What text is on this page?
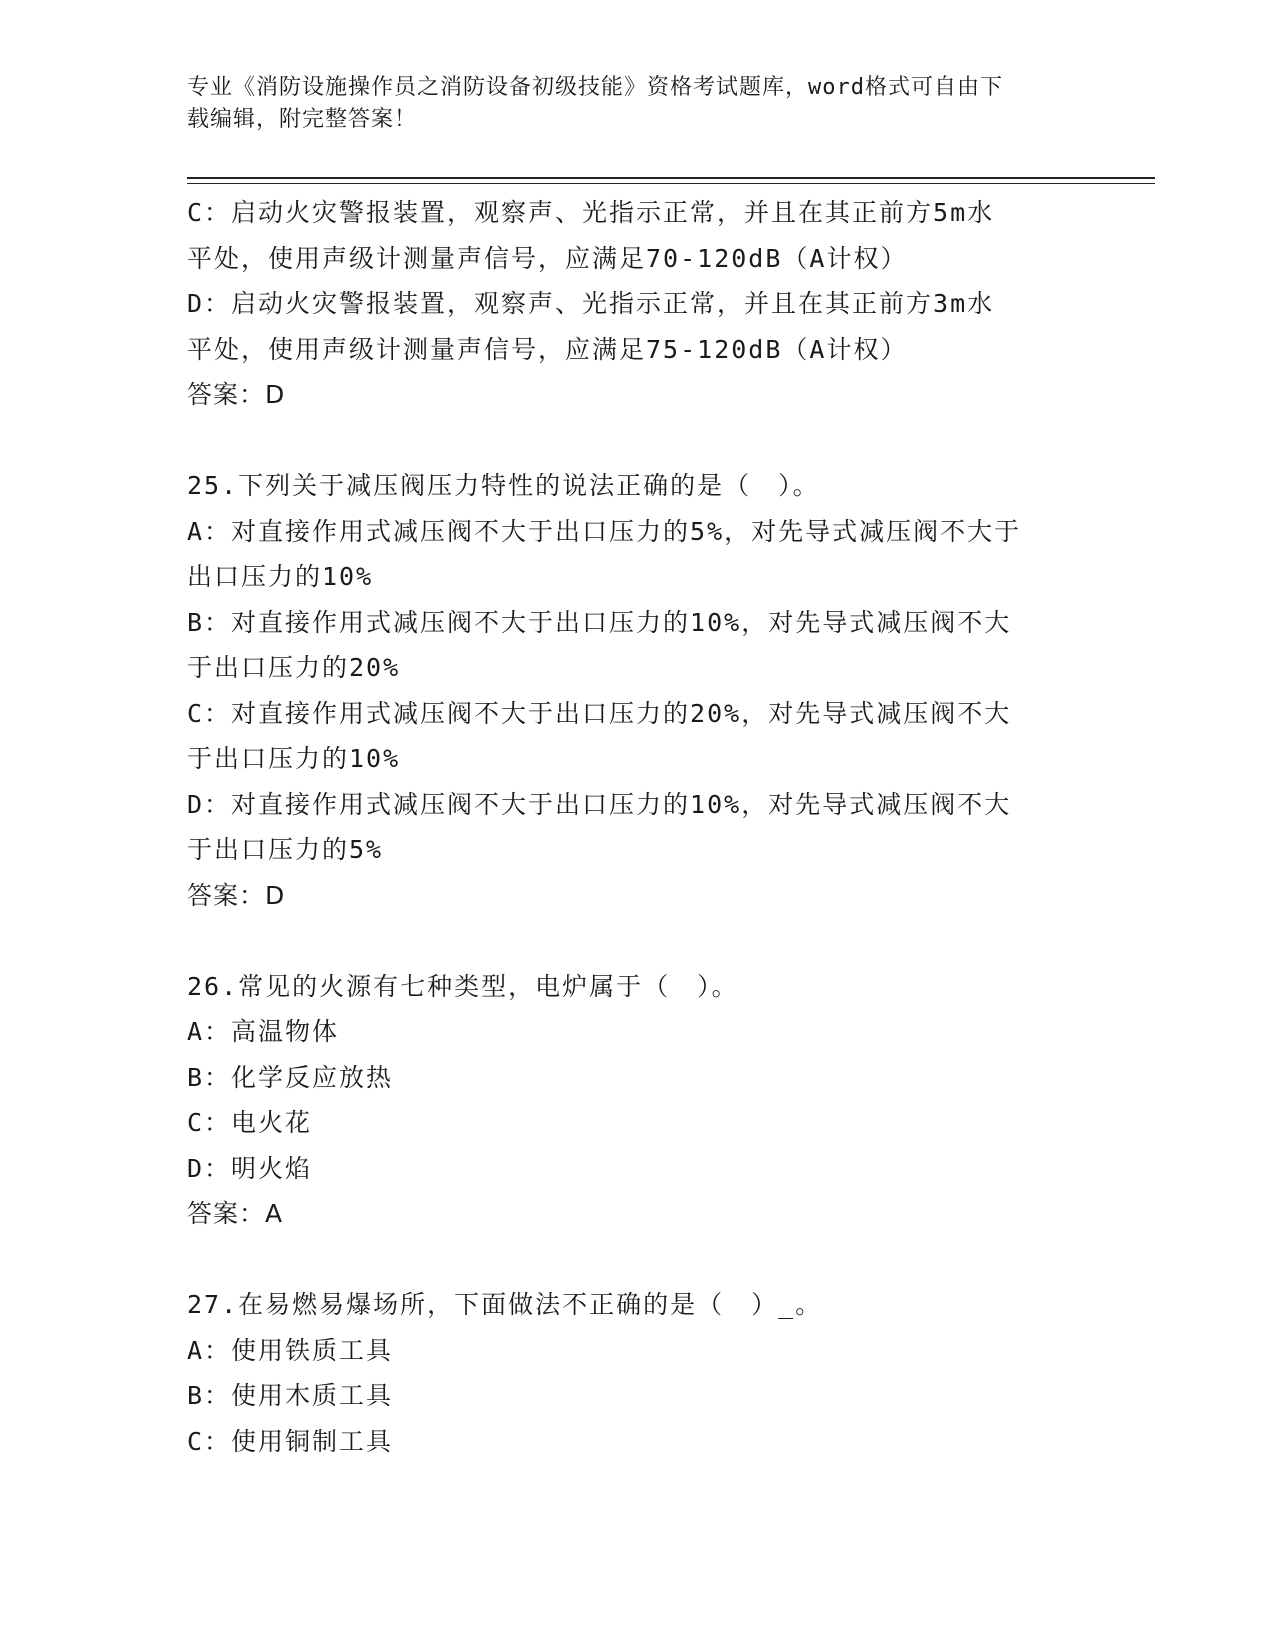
专业《消防设施操作员之消防设备初级技能》资格考试题库，word格式可自由下
载编辑，附完整答案！
C：启动火灾警报装置，观察声、光指示正常，并且在其正前方5m水
平处，使用声级计测量声信号，应满足70-120dB（A计权）
D：启动火灾警报装置，观察声、光指示正常，并且在其正前方3m水
平处，使用声级计测量声信号，应满足75-120dB（A计权）
答案：D
25.下列关于减压阀压力特性的说法正确的是（　）。
A：对直接作用式减压阀不大于出口压力的5%，对先导式减压阀不大于
出口压力的10%
B：对直接作用式减压阀不大于出口压力的10%，对先导式减压阀不大
于出口压力的20%
C：对直接作用式减压阀不大于出口压力的20%，对先导式减压阀不大
于出口压力的10%
D：对直接作用式减压阀不大于出口压力的10%，对先导式减压阀不大
于出口压力的5%
答案：D
26.常见的火源有七种类型，电炉属于（　）。
A：高温物体
B：化学反应放热
C：电火花
D：明火焰
答案：A
27.在易燃易爆场所，下面做法不正确的是（　）_。
A：使用铁质工具
B：使用木质工具
C：使用铜制工具
